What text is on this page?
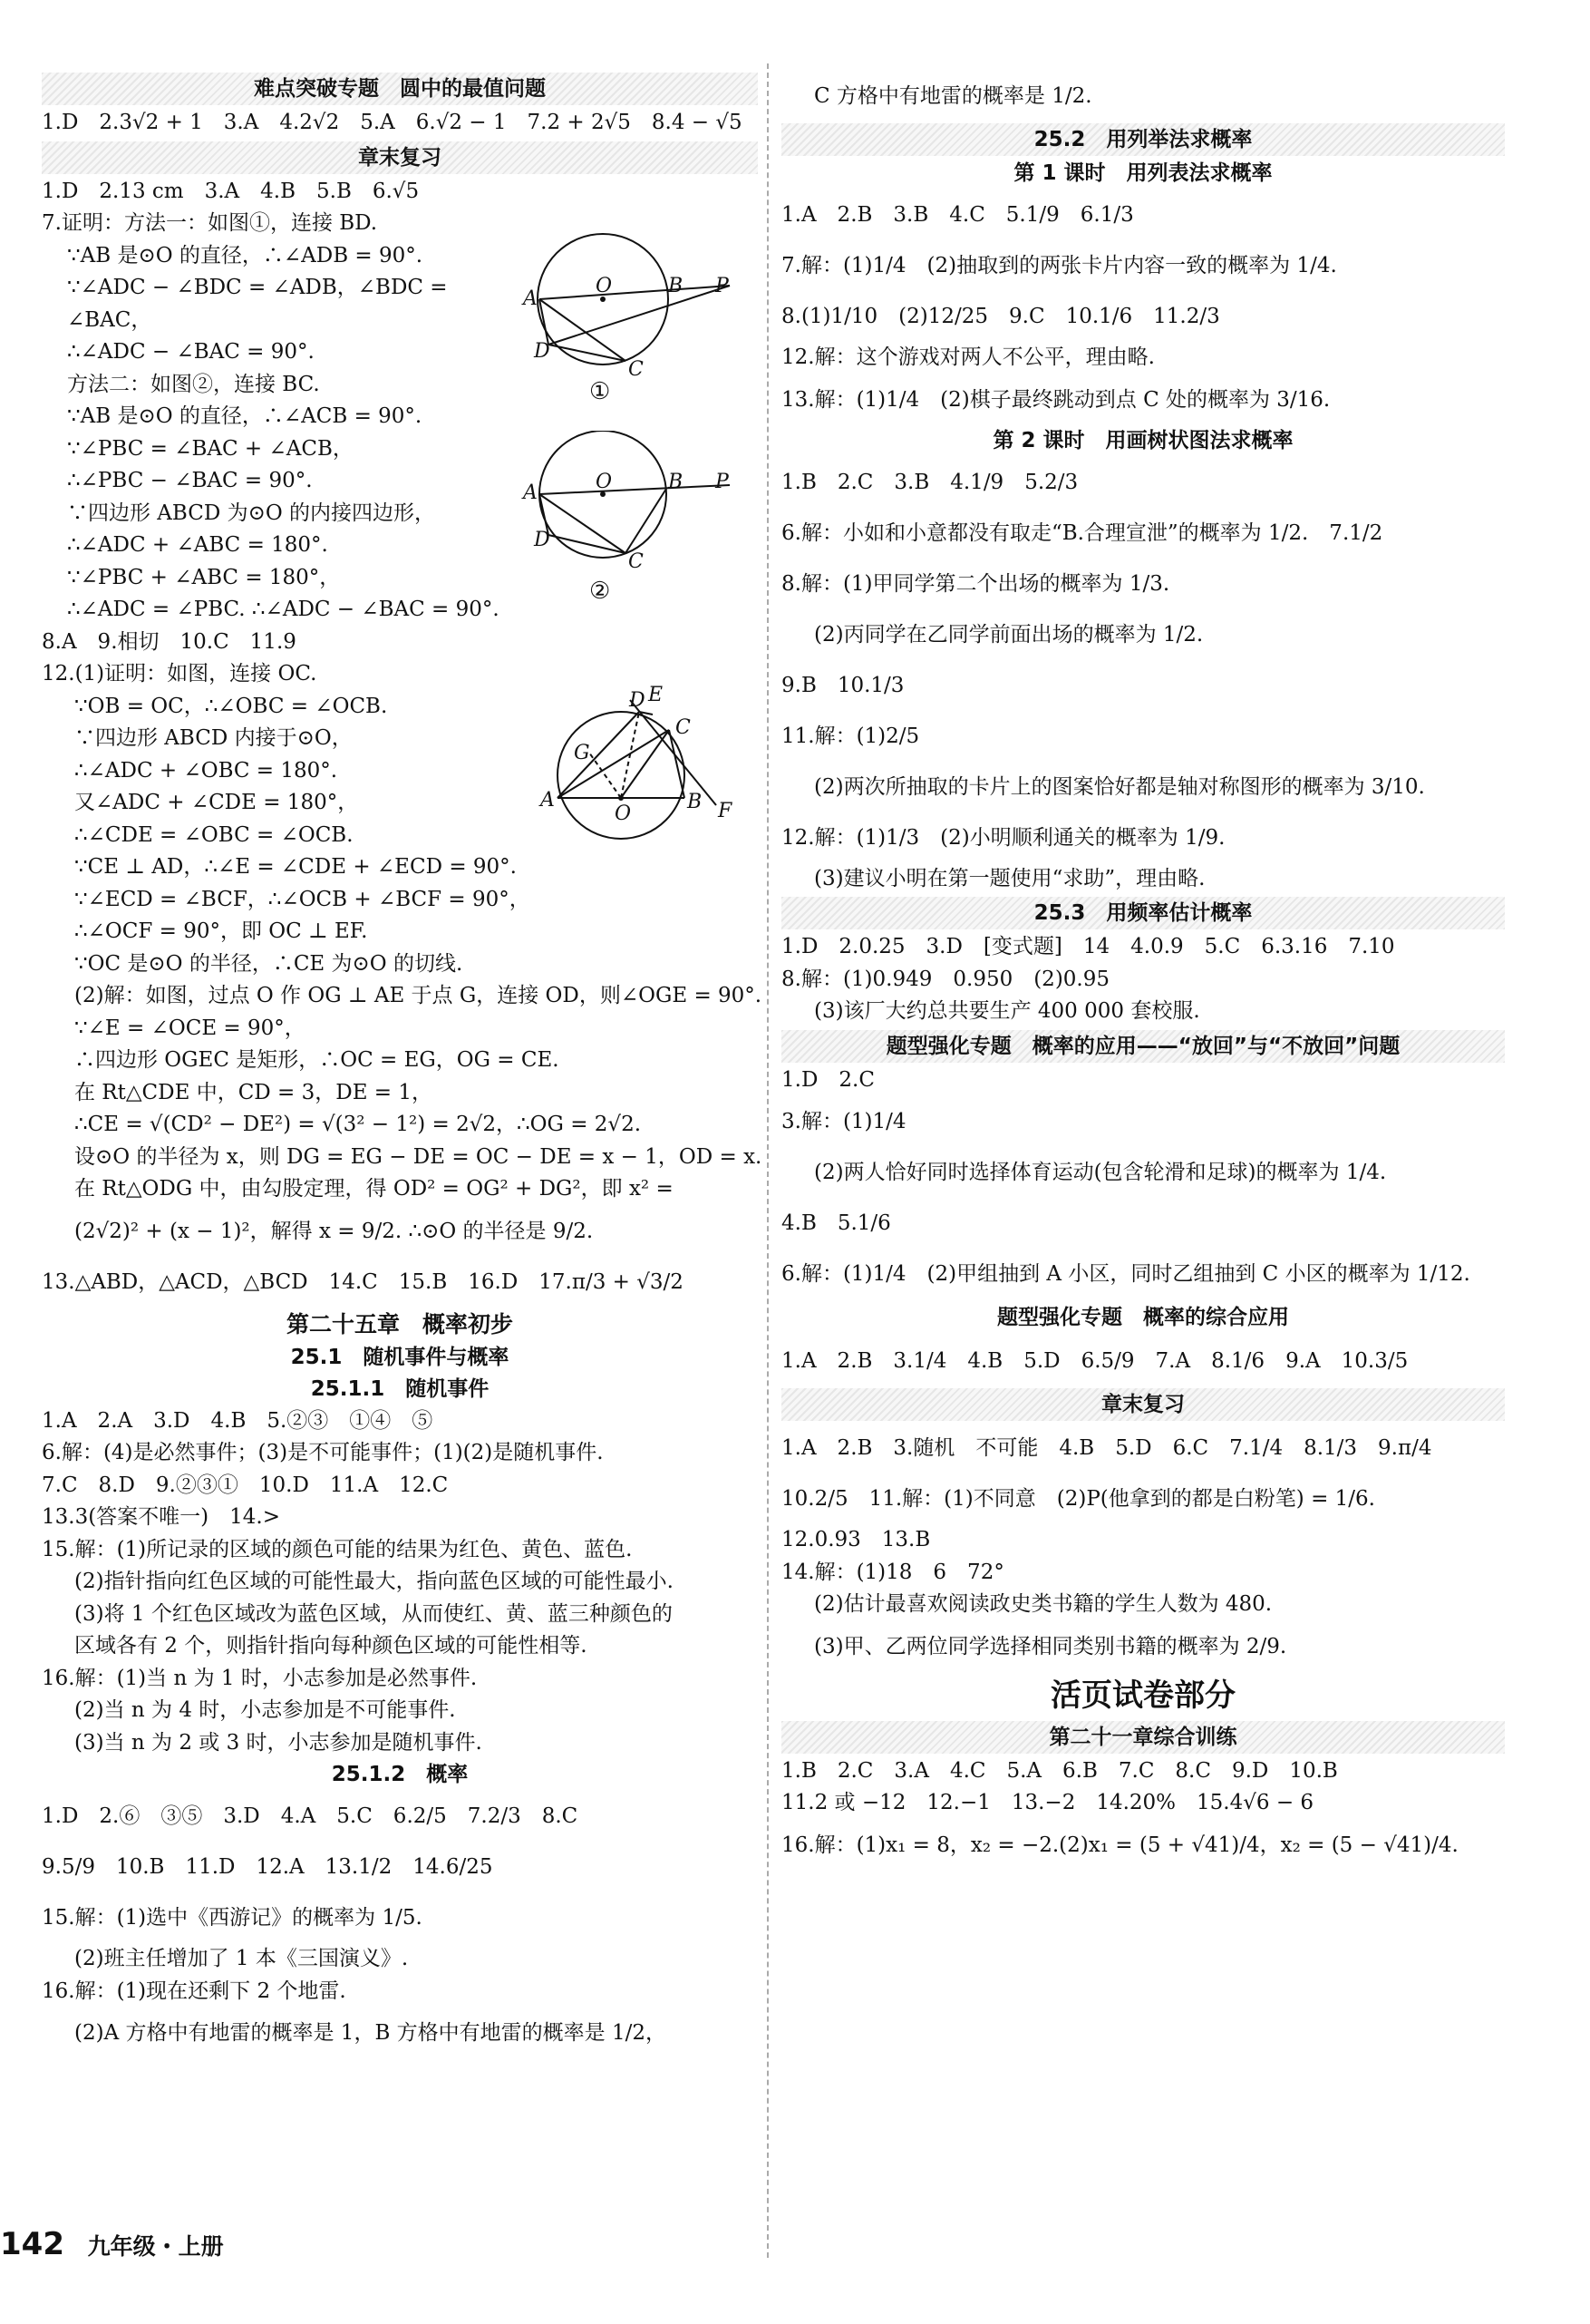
难点突破专题　圆中的最值问题
1.D　2.3√2 + 1　3.A　4.2√2　5.A　6.√2 − 1　7.2 + 2√5　8.4 − √5
章末复习
1.D　2.13 cm　3.A　4.B　5.B　6.√5
7.证明：方法一：如图①，连接 BD.
∵AB 是⊙O 的直径，∴∠ADB = 90°.
∵∠ADC − ∠BDC = ∠ADB，∠BDC =
∠BAC，
∴∠ADC − ∠BAC = 90°.
方法二：如图②，连接 BC.
∵AB 是⊙O 的直径，∴∠ACB = 90°.
∵∠PBC = ∠BAC + ∠ACB，
∴∠PBC − ∠BAC = 90°.
∵四边形 ABCD 为⊙O 的内接四边形，
∴∠ADC + ∠ABC = 180°.
∵∠PBC + ∠ABC = 180°，
∴∠ADC = ∠PBC. ∴∠ADC − ∠BAC = 90°.
8.A　9.相切　10.C　11.9
12.(1)证明：如图，连接 OC.
∵OB = OC，∴∠OBC = ∠OCB.
∵四边形 ABCD 内接于⊙O，
∴∠ADC + ∠OBC = 180°.
又∠ADC + ∠CDE = 180°，
∴∠CDE = ∠OBC = ∠OCB.
∵CE ⊥ AD，∴∠E = ∠CDE + ∠ECD = 90°.
∵∠ECD = ∠BCF，∴∠OCB + ∠BCF = 90°，
∴∠OCF = 90°，即 OC ⊥ EF.
∵OC 是⊙O 的半径，∴CE 为⊙O 的切线.
(2)解：如图，过点 O 作 OG ⊥ AE 于点 G，连接 OD，则∠OGE = 90°.
∵∠E = ∠OCE = 90°，
∴四边形 OGEC 是矩形，∴OC = EG，OG = CE.
在 Rt△CDE 中，CD = 3，DE = 1，
∴CE = √(CD² − DE²) = √(3² − 1²) = 2√2，∴OG = 2√2.
设⊙O 的半径为 x，则 DG = EG − DE = OC − DE = x − 1，OD = x.
在 Rt△ODG 中，由勾股定理，得 OD² = OG² + DG²，即 x² =
(2√2)² + (x − 1)²，解得 x = 9/2. ∴⊙O 的半径是 9/2.
13.△ABD，△ACD，△BCD　14.C　15.B　16.D　17.π/3 + √3/2
第二十五章　概率初步
25.1　随机事件与概率
25.1.1　随机事件
1.A　2.A　3.D　4.B　5.②③　①④　⑤
6.解：(4)是必然事件；(3)是不可能事件；(1)(2)是随机事件.
7.C　8.D　9.②③①　10.D　11.A　12.C
13.3(答案不唯一)　14.>
15.解：(1)所记录的区域的颜色可能的结果为红色、黄色、蓝色.
(2)指针指向红色区域的可能性最大，指向蓝色区域的可能性最小.
(3)将 1 个红色区域改为蓝色区域，从而使红、黄、蓝三种颜色的
区域各有 2 个，则指针指向每种颜色区域的可能性相等.
16.解：(1)当 n 为 1 时，小志参加是必然事件.
(2)当 n 为 4 时，小志参加是不可能事件.
(3)当 n 为 2 或 3 时，小志参加是随机事件.
25.1.2　概率
1.D　2.⑥　③⑤　3.D　4.A　5.C　6.2/5　7.2/3　8.C
9.5/9　10.B　11.D　12.A　13.1/2　14.6/25
15.解：(1)选中《西游记》的概率为 1/5.
(2)班主任增加了 1 本《三国演义》.
16.解：(1)现在还剩下 2 个地雷.
(2)A 方格中有地雷的概率是 1，B 方格中有地雷的概率是 1/2，
C 方格中有地雷的概率是 1/2.
25.2　用列举法求概率
第 1 课时　用列表法求概率
1.A　2.B　3.B　4.C　5.1/9　6.1/3
7.解：(1)1/4　(2)抽取到的两张卡片内容一致的概率为 1/4.
8.(1)1/10　(2)12/25　9.C　10.1/6　11.2/3
12.解：这个游戏对两人不公平，理由略.
13.解：(1)1/4　(2)棋子最终跳动到点 C 处的概率为 3/16.
第 2 课时　用画树状图法求概率
1.B　2.C　3.B　4.1/9　5.2/3
6.解：小如和小意都没有取走“B.合理宣泄”的概率为 1/2.　7.1/2
8.解：(1)甲同学第二个出场的概率为 1/3.
(2)丙同学在乙同学前面出场的概率为 1/2.
9.B　10.1/3
11.解：(1)2/5
(2)两次所抽取的卡片上的图案恰好都是轴对称图形的概率为 3/10.
12.解：(1)1/3　(2)小明顺利通关的概率为 1/9.
(3)建议小明在第一题使用“求助”，理由略.
25.3　用频率估计概率
1.D　2.0.25　3.D　[变式题]　14　4.0.9　5.C　6.3.16　7.10
8.解：(1)0.949　0.950　(2)0.95
(3)该厂大约总共要生产 400 000 套校服.
题型强化专题　概率的应用——“放回”与“不放回”问题
1.D　2.C
3.解：(1)1/4
(2)两人恰好同时选择体育运动(包含轮滑和足球)的概率为 1/4.
4.B　5.1/6
6.解：(1)1/4　(2)甲组抽到 A 小区，同时乙组抽到 C 小区的概率为 1/12.
题型强化专题　概率的综合应用
1.A　2.B　3.1/4　4.B　5.D　6.5/9　7.A　8.1/6　9.A　10.3/5
章末复习
1.A　2.B　3.随机　不可能　4.B　5.D　6.C　7.1/4　8.1/3　9.π/4
10.2/5　11.解：(1)不同意　(2)P(他拿到的都是白粉笔) = 1/6.
12.0.93　13.B
14.解：(1)18　6　72°
(2)估计最喜欢阅读政史类书籍的学生人数为 480.
(3)甲、乙两位同学选择相同类别书籍的概率为 2/9.
活页试卷部分
第二十一章综合训练
1.B　2.C　3.A　4.C　5.A　6.B　7.C　8.C　9.D　10.B
11.2 或 −12　12.−1　13.−2　14.20%　15.4√6 − 6
16.解：(1)x₁ = 8，x₂ = −2.(2)x₁ = (5 + √41)/4，x₂ = (5 − √41)/4.
O	B P
A
D
C
①
O	B P
A
D
C
②
D E
G
C
A
O
B F
142 九年级・上册
